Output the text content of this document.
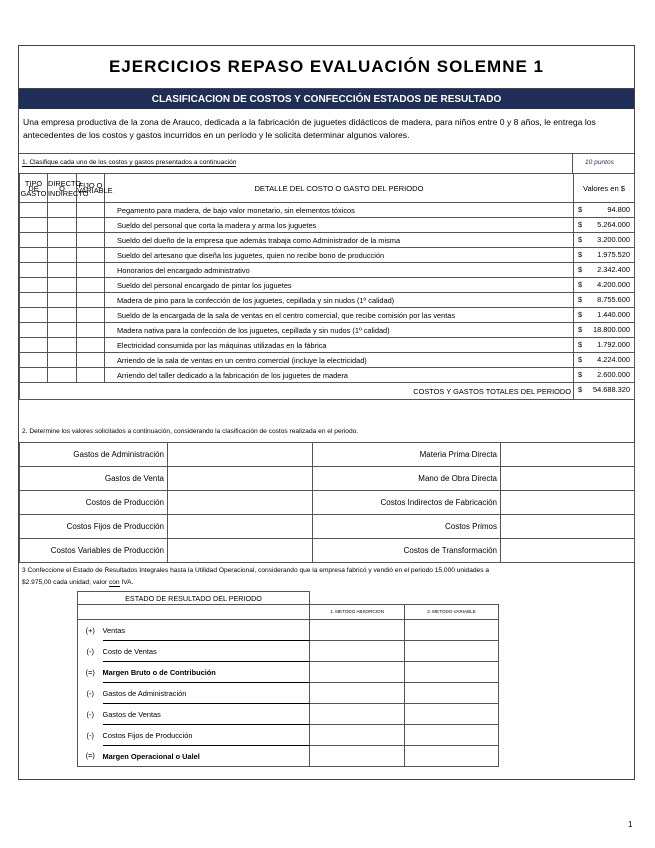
EJERCICIOS REPASO EVALUACIÓN SOLEMNE 1
CLASIFICACION DE COSTOS Y CONFECCIÓN ESTADOS DE RESULTADO
Una empresa productiva de la zona de Arauco, dedicada a la fabricación de juguetes didácticos de madera, para niños entre 0 y 8 años, le entrega los antecedentes de los costos y gastos incurridos en un período y le solicita determinar algunos valores.
1. Clasifique cada uno de los costos y gastos presentados a continuación	10 puntos
TIPO DE GASTO	DIRECTO O INDIRECTO	FIJO O VARIABLE	DETALLE DEL COSTO O GASTO DEL PERIODO	Valores en $
			Pegamento para madera, de bajo valor monetario, sin elementos tóxicos	$ 94.800

			Sueldo del personal que corta la madera y arma los juguetes	$ 5.264.000

			Sueldo del dueño de la empresa que además trabaja como Administrador de la misma	$ 3.200.000

			Sueldo del artesano que diseña los juguetes, quien no recibe bono de producción	$ 1.975.520

			Honorarios del encargado administrativo	$ 2.342.400

			Sueldo del personal encargado de pintar los juguetes	$ 4.200.000

			Madera de pino para la confección de los juguetes, cepillada y sin nudos (1º calidad)	$ 8.755.600

			Sueldo de la encargada de la sala de ventas en el centro comercial, que recibe comisión por las ventas	$ 1.440.000

			Madera nativa para la confección de los juguetes, cepillada y sin nudos (1º calidad)	$ 18.800.000

			Electricidad consumida por las máquinas utilizadas en la fábrica	$ 1.792.000

			Arriendo de la sala de ventas en un centro comercial (incluye la electricidad)	$ 4.224.000

			Arriendo del taller dedicado a la fabricación de los juguetes de madera	$ 2.600.000

COSTOS Y GASTOS TOTALES DEL PERIODO				$ 54.688.320
2. Determine los valores solicitados a continuación, considerando la clasificación de costos realizada en el periodo.
Gastos de Administración		Materia Prima Directa	
Gastos de Venta		Mano de Obra Directa	
Costos de Producción		Costos Indirectos de Fabricación	
Costos Fijos de Producción		Costos Primos	
Costos Variables de Producción		Costos de Transformación	
3 Confeccione el Estado de Resultados Integrales hasta la Utilidad Operacional, considerando que la empresa fabricó y vendió en el periodo 15.000 unidades a
$2.975,00 cada unidad; valor con IVA.
ESTADO DE RESULTADO DEL PERIODO			
		1. METODO ABSORCION	2. METODO VARIABLE
(+)	Ventas		
(-)	Costo de Ventas		
(=)	Margen Bruto o de Contribución		
(-)	Gastos de Administración		
(-)	Gastos de Ventas		
(-)	Costos Fijos de Producción		
(=)	Margen Operacional o Ualel		
1
